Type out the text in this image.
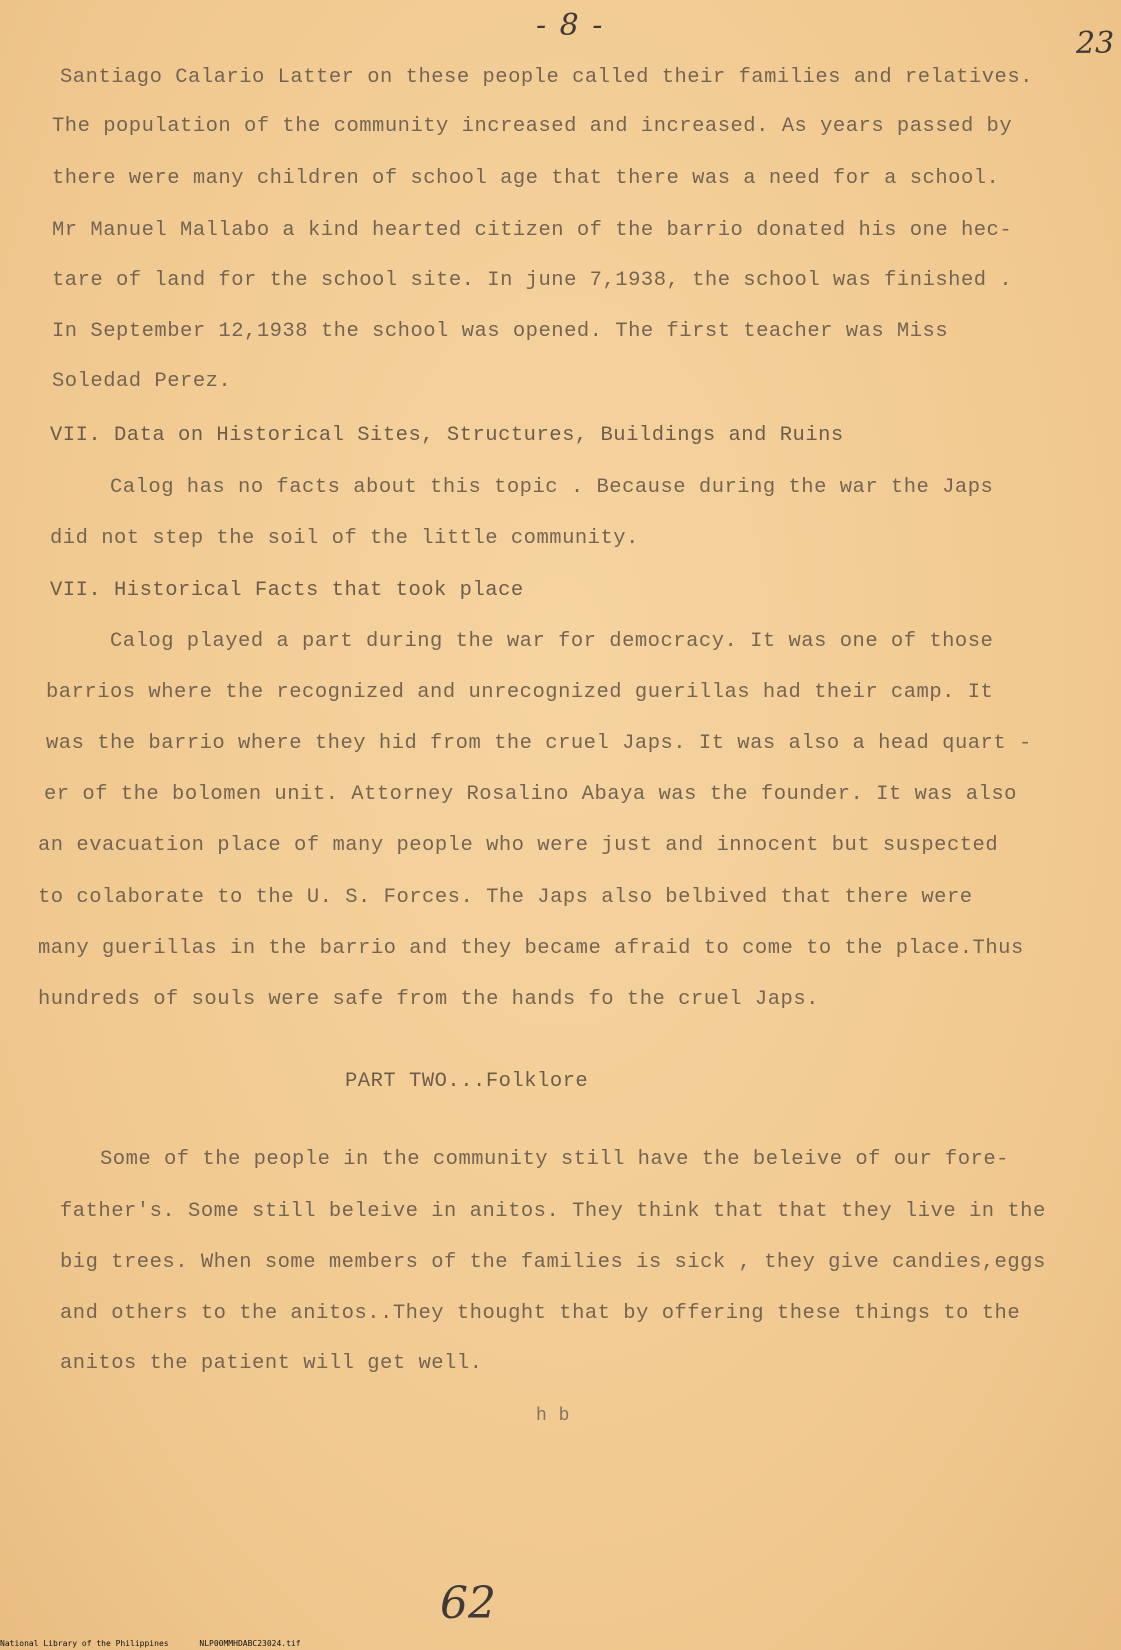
- 8 -
23
Santiago Calario Latter on these people called their families and relatives.
The population of the community increased and increased. As years passed by
there were many children of school age that there was a need for a school.
Mr Manuel Mallabo a kind hearted citizen of the barrio donated his one hec-
tare of land for the school site. In june 7,1938, the school was finished .
In September 12,1938 the school was opened. The first teacher was Miss
Soledad Perez.
VII. Data on Historical Sites, Structures, Buildings and Ruins
Calog has no facts about this topic . Because during the war the Japs
did not step the soil of the little community.
VII. Historical Facts that took place
Calog played a part during the war for democracy. It was one of those
barrios where the recognized and unrecognized guerillas had their camp. It
was the barrio where they hid from the cruel Japs. It was also a head quart -
er of the bolomen unit. Attorney Rosalino Abaya was the founder. It was also
an evacuation place of many people who were just and innocent but suspected
to colaborate to the U. S. Forces. The Japs also belbived that there were
many guerillas in the barrio and they became afraid to come to the place.Thus
hundreds of souls were safe from the hands fo the cruel Japs.
PART TWO...Folklore
Some of the people in the community still have the beleive of our fore-
father's. Some still beleive in anitos. They think that that they live in the
big trees. When some members of the families is sick , they give candies,eggs
and others to the anitos..They thought that by offering these things to the
anitos the patient will get well.
h b
62
National Library of the Philippines	NLP00MMHDABC23024.tif
